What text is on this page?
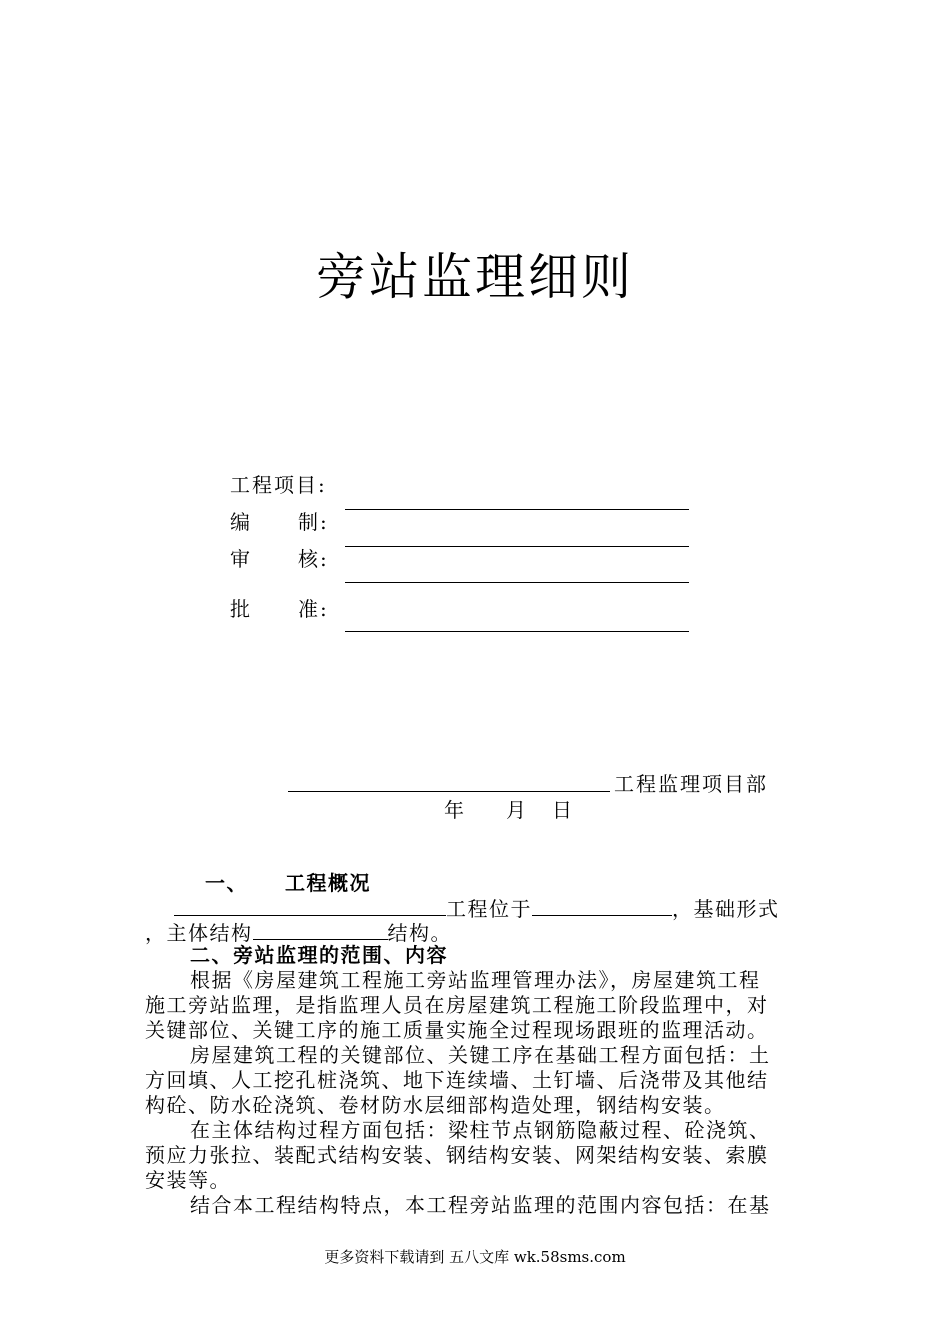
旁站监理细则
工程项目:
编 制:
审 核:
批 准:
工程监理项目部
年 月 日
一、 工程概况
工程位于	，基础形式
，主体结构	结构。
二、旁站监理的范围、内容
根据《房屋建筑工程施工旁站监理管理办法》，房屋建筑工程
施工旁站监理，是指监理人员在房屋建筑工程施工阶段监理中，对
关键部位、关键工序的施工质量实施全过程现场跟班的监理活动。
房屋建筑工程的关键部位、关键工序在基础工程方面包括：土
方回填、人工挖孔桩浇筑、地下连续墙、土钉墙、后浇带及其他结
构砼、防水砼浇筑、卷材防水层细部构造处理，钢结构安装。
在主体结构过程方面包括：梁柱节点钢筋隐蔽过程、砼浇筑、
预应力张拉、装配式结构安装、钢结构安装、网架结构安装、索膜
安装等。
结合本工程结构特点，本工程旁站监理的范围内容包括：在基
更多资料下载请到 五八文库 wk.58sms.com
